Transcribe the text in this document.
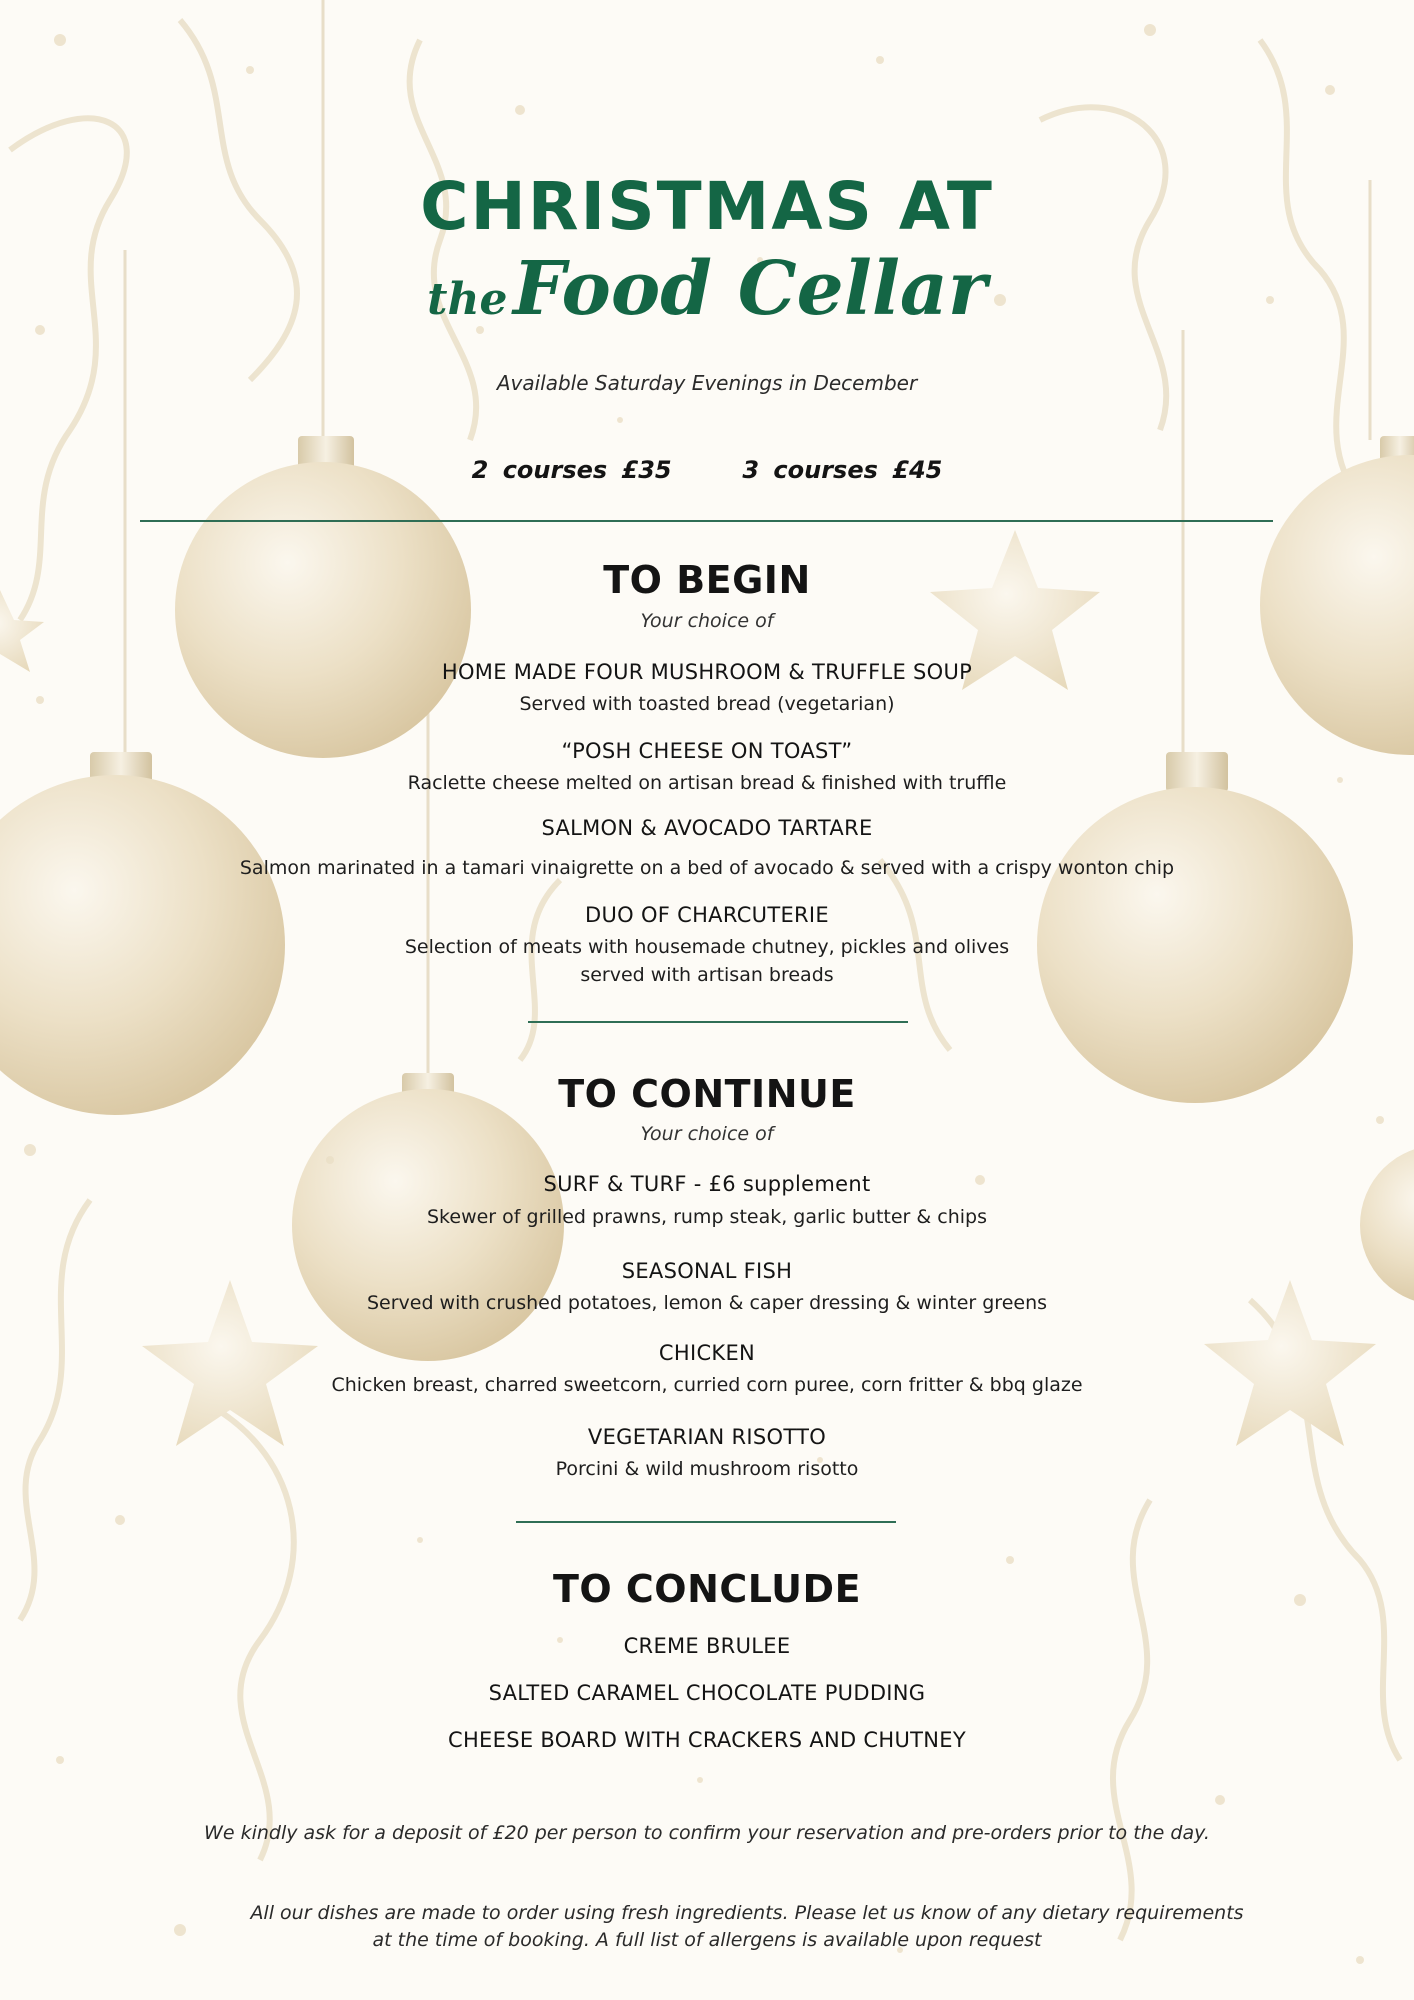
CHRISTMAS AT
the Food Cellar
Available Saturday Evenings in December
2 courses £35	3 courses £45
TO BEGIN
Your choice of
HOME MADE FOUR MUSHROOM & TRUFFLE SOUP
Served with toasted bread (vegetarian)
“POSH CHEESE ON TOAST”
Raclette cheese melted on artisan bread & finished with truffle
SALMON & AVOCADO TARTARE
Salmon marinated in a tamari vinaigrette on a bed of avocado & served with a crispy wonton chip
DUO OF CHARCUTERIE
Selection of meats with housemade chutney, pickles and olives
served with artisan breads
TO CONTINUE
Your choice of
SURF & TURF - £6 supplement
Skewer of grilled prawns, rump steak, garlic butter & chips
SEASONAL FISH
Served with crushed potatoes, lemon & caper dressing & winter greens
CHICKEN
Chicken breast, charred sweetcorn, curried corn puree, corn fritter & bbq glaze
VEGETARIAN RISOTTO
Porcini & wild mushroom risotto
TO CONCLUDE
CREME BRULEE
SALTED CARAMEL CHOCOLATE PUDDING
CHEESE BOARD WITH CRACKERS AND CHUTNEY
We kindly ask for a deposit of £20 per person to confirm your reservation and pre-orders prior to the day.
All our dishes are made to order using fresh ingredients. Please let us know of any dietary requirements
at the time of booking. A full list of allergens is available upon request
